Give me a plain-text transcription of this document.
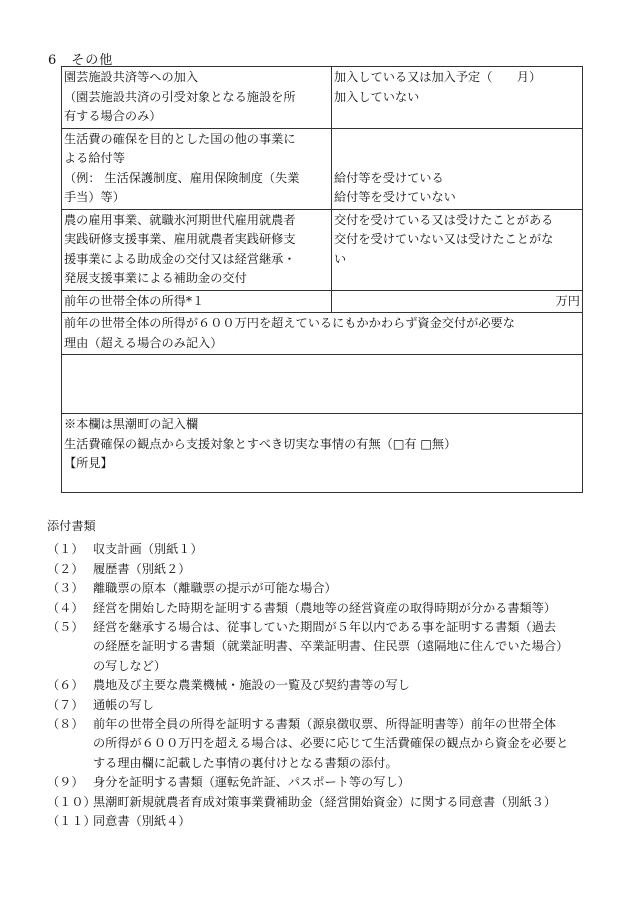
6　その他
園芸施設共済等への加入
（園芸施設共済の引受対象となる施設を所
有する場合のみ）	加入している又は加入予定（　　月）
加入していない

生活費の確保を目的とした国の他の事業に
よる給付等
（例： 生活保護制度、雇用保険制度（失業
手当）等）	給付等を受けている
給付等を受けていない

農の雇用事業、就職氷河期世代雇用就農者
実践研修支援事業、雇用就農者実践研修支
援事業による助成金の交付又は経営継承・
発展支援事業による補助金の交付	交付を受けている又は受けたことがある
交付を受けていない又は受けたことがな
い

前年の世帯全体の所得*１	万円

前年の世帯全体の所得が６００万円を超えているにもかかわらず資金交付が必要な
理由（超える場合のみ記入）	

※本欄は黒潮町の記入欄
生活費確保の観点から支援対象とすべき切実な事情の有無（□有 □無）
【所見】	
添付書類
（１） 収支計画（別紙１）
（２） 履歴書（別紙２）
（３） 離職票の原本（離職票の提示が可能な場合）
（４） 経営を開始した時期を証明する書類（農地等の経営資産の取得時期が分かる書類等）
（５） 経営を継承する場合は、従事していた期間が５年以内である事を証明する書類（過去
の経歴を証明する書類（就業証明書、卒業証明書、住民票（遠隔地に住んでいた場合）
の写しなど）
（６） 農地及び主要な農業機械・施設の一覧及び契約書等の写し
（７） 通帳の写し
（８） 前年の世帯全員の所得を証明する書類（源泉徴収票、所得証明書等）前年の世帯全体
の所得が６００万円を超える場合は、必要に応じて生活費確保の観点から資金を必要と
する理由欄に記載した事情の裏付けとなる書類の添付。
（９） 身分を証明する書類（運転免許証、パスポート等の写し）
（１０）
黒潮町新規就農者育成対策事業費補助金（経営開始資金）に関する同意書（別紙３）
（１１）
同意書（別紙４）
